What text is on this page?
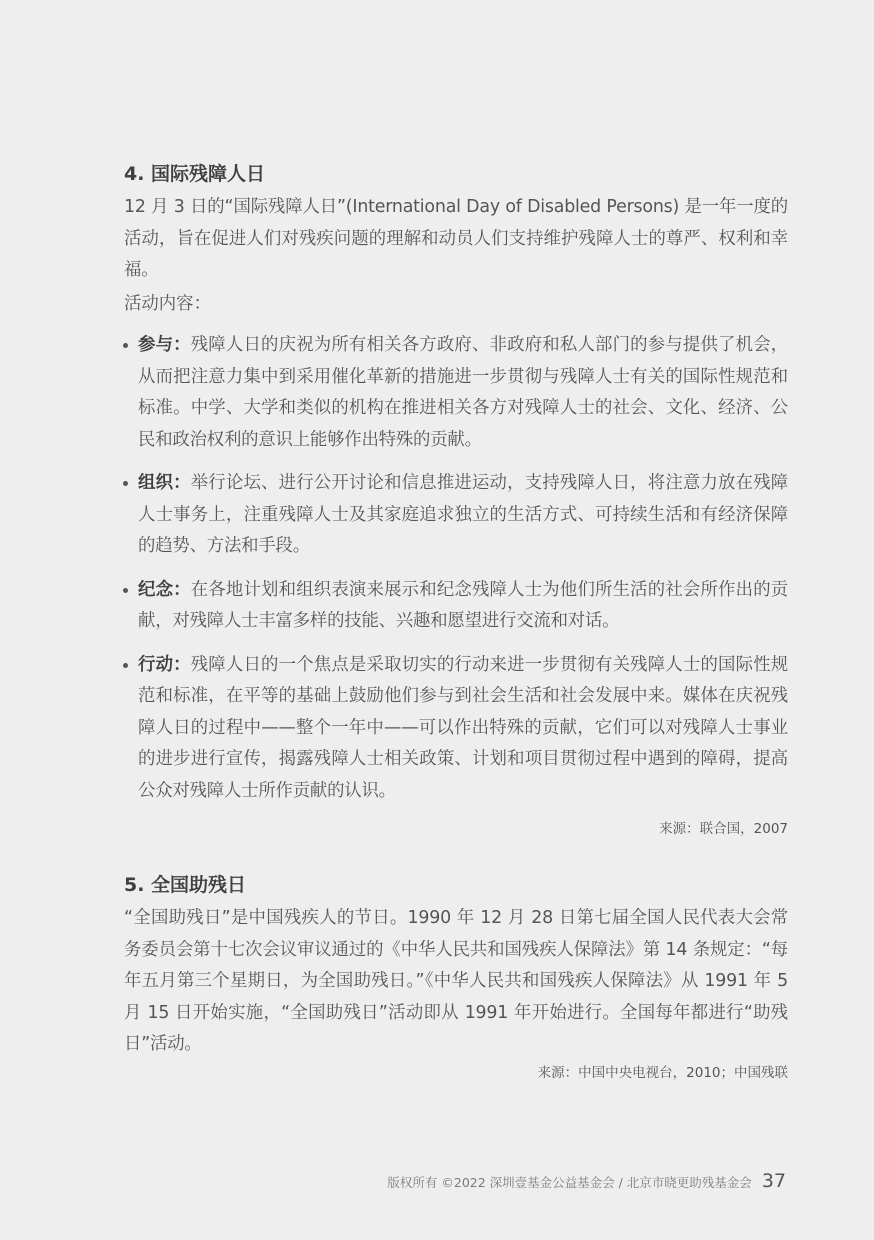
4. 国际残障人日

12 月 3 日的“国际残障人日”(International Day of Disabled Persons) 是一年一度的活动，旨在促进人们对残疾问题的理解和动员人们支持维护残障人士的尊严、权利和幸福。

活动内容：

参与：残障人日的庆祝为所有相关各方政府、非政府和私人部门的参与提供了机会，从而把注意力集中到采用催化革新的措施进一步贯彻与残障人士有关的国际性规范和标准。中学、大学和类似的机构在推进相关各方对残障人士的社会、文化、经济、公民和政治权利的意识上能够作出特殊的贡献。
组织：举行论坛、进行公开讨论和信息推进运动，支持残障人日，将注意力放在残障人士事务上，注重残障人士及其家庭追求独立的生活方式、可持续生活和有经济保障的趋势、方法和手段。
纪念：在各地计划和组织表演来展示和纪念残障人士为他们所生活的社会所作出的贡献，对残障人士丰富多样的技能、兴趣和愿望进行交流和对话。
行动：残障人日的一个焦点是采取切实的行动来进一步贯彻有关残障人士的国际性规范和标准，在平等的基础上鼓励他们参与到社会生活和社会发展中来。媒体在庆祝残障人日的过程中——整个一年中——可以作出特殊的贡献，它们可以对残障人士事业的进步进行宣传，揭露残障人士相关政策、计划和项目贯彻过程中遇到的障碍，提高公众对残障人士所作贡献的认识。

来源：联合国，2007

5. 全国助残日

“全国助残日”是中国残疾人的节日。1990 年 12 月 28 日第七届全国人民代表大会常务委员会第十七次会议审议通过的《中华人民共和国残疾人保障法》第 14 条规定：“每年五月第三个星期日，为全国助残日。”《中华人民共和国残疾人保障法》从 1991 年 5 月 15 日开始实施，“全国助残日”活动即从 1991 年开始进行。全国每年都进行“助残日”活动。

来源：中国中央电视台，2010；中国残联

版权所有 ©2022 深圳壹基金公益基金会 / 北京市晓更助残基金会 37
